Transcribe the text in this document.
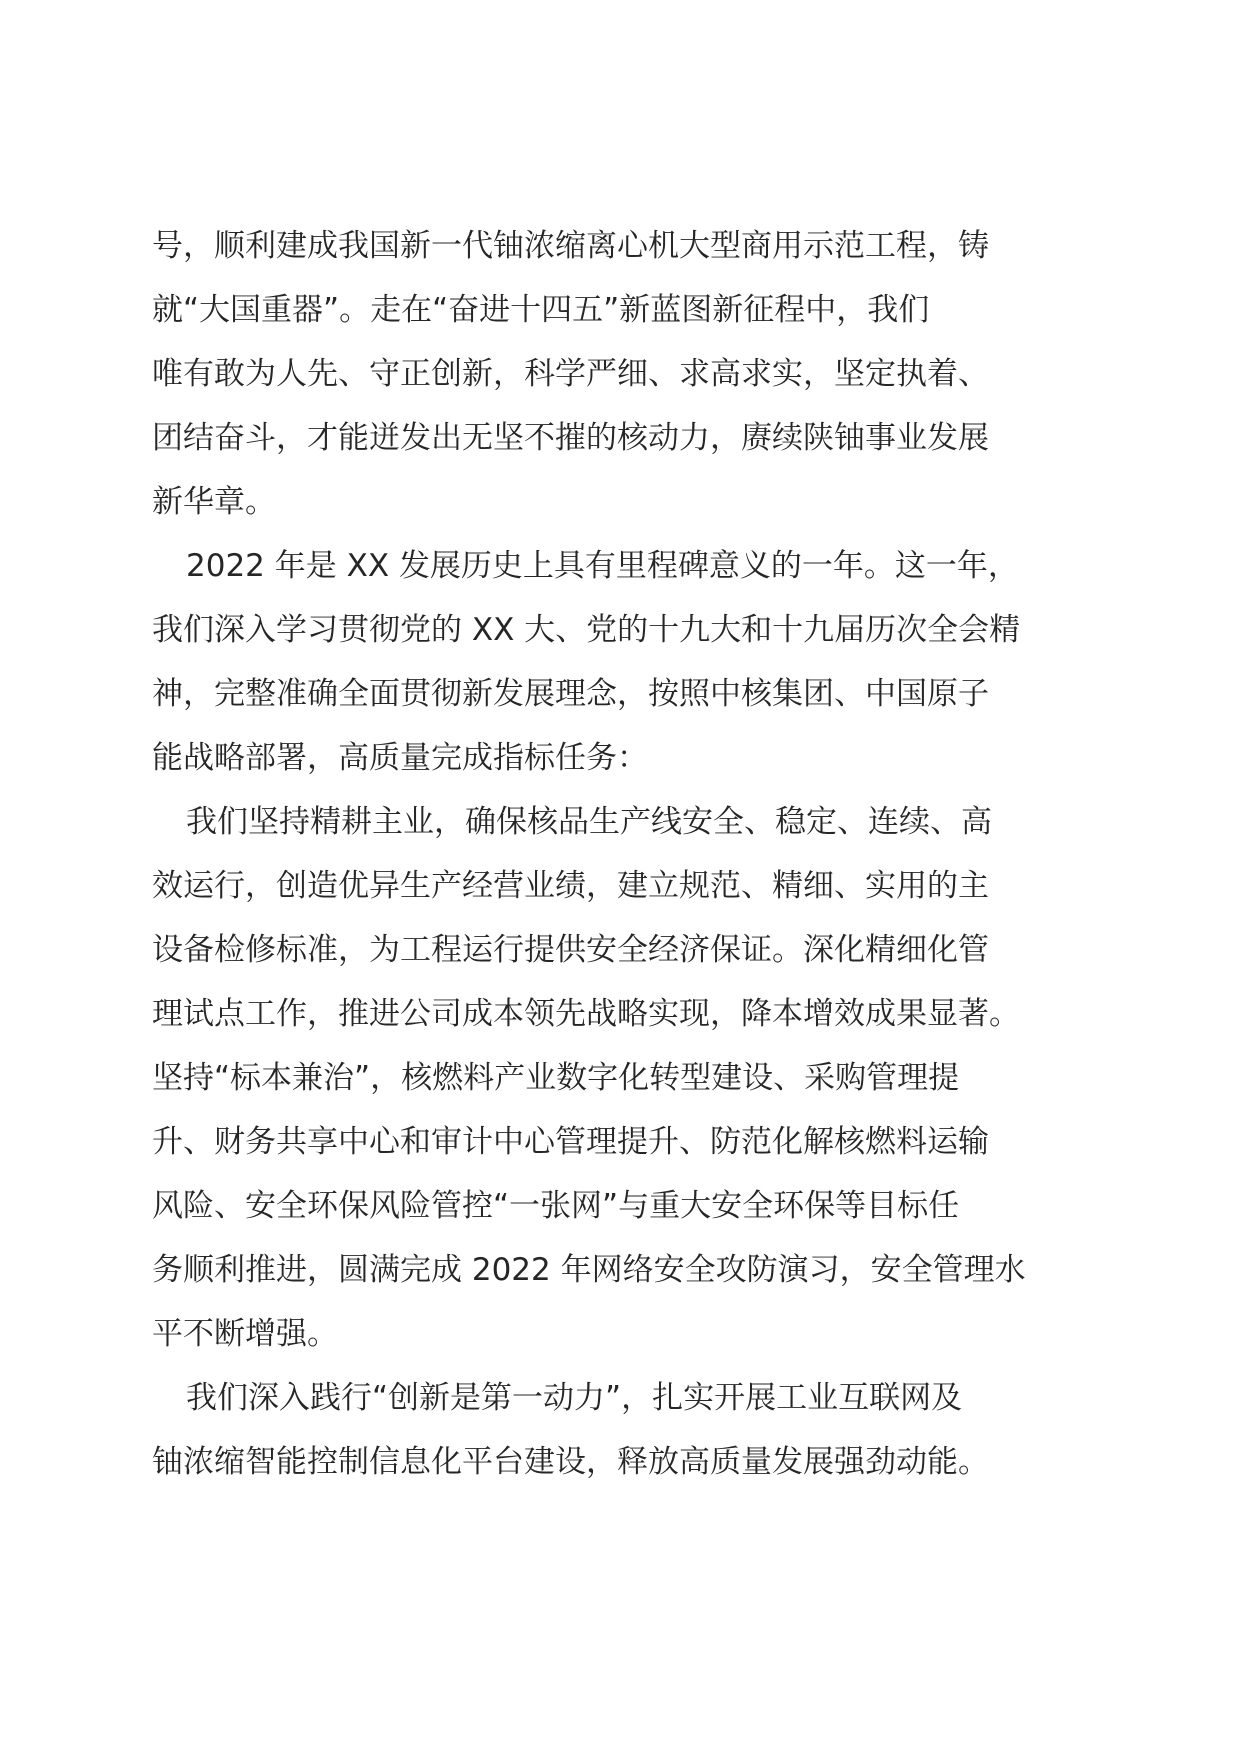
号，顺利建成我国新一代铀浓缩离心机大型商用示范工程，铸
就“大国重器”。走在“奋进十四五”新蓝图新征程中，我们
唯有敢为人先、守正创新，科学严细、求高求实，坚定执着、
团结奋斗，才能迸发出无坚不摧的核动力，赓续陕铀事业发展
新华章。
2022 年是 XX 发展历史上具有里程碑意义的一年。这一年，
我们深入学习贯彻党的 XX 大、党的十九大和十九届历次全会精
神，完整准确全面贯彻新发展理念，按照中核集团、中国原子
能战略部署，高质量完成指标任务：
我们坚持精耕主业，确保核品生产线安全、稳定、连续、高
效运行，创造优异生产经营业绩，建立规范、精细、实用的主
设备检修标准，为工程运行提供安全经济保证。深化精细化管
理试点工作，推进公司成本领先战略实现，降本增效成果显著。
坚持“标本兼治”，核燃料产业数字化转型建设、采购管理提
升、财务共享中心和审计中心管理提升、防范化解核燃料运输
风险、安全环保风险管控“一张网”与重大安全环保等目标任
务顺利推进，圆满完成 2022 年网络安全攻防演习，安全管理水
平不断增强。
我们深入践行“创新是第一动力”，扎实开展工业互联网及
铀浓缩智能控制信息化平台建设，释放高质量发展强劲动能。
